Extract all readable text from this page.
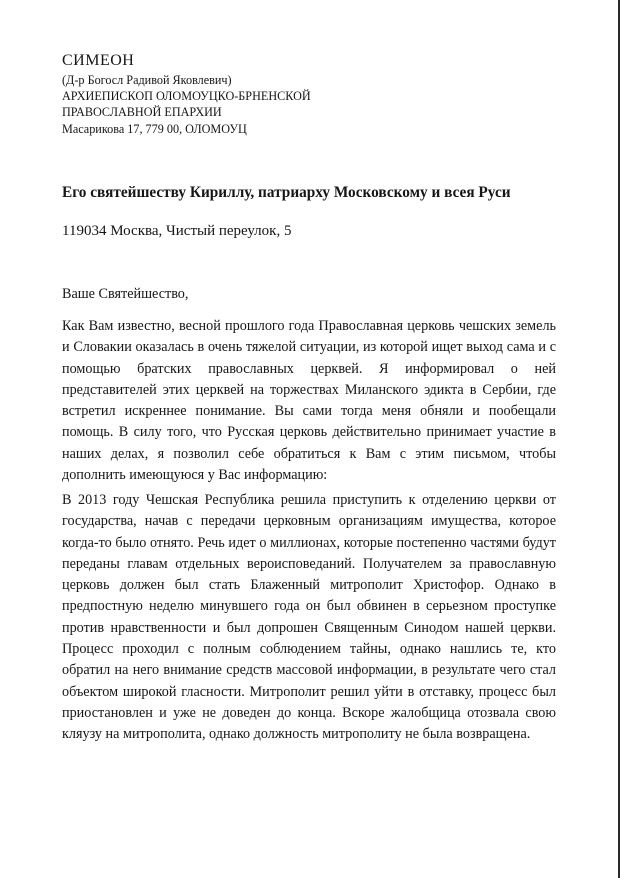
СИМЕОН

(Д-р Богосл Радивой Яковлевич)

АРХИЕПИСКОП ОЛОМОУЦКО-БРНЕНСКОЙ

ПРАВОСЛАВНОЙ ЕПАРХИИ

Масарикова 17, 779 00, ОЛОМОУЦ

Его святейшеству Кириллу, патриарху Московскому и всея Руси

119034 Москва, Чистый переулок, 5

Ваше Святейшество,

Как Вам известно, весной прошлого года Православная церковь чешских земель и Словакии оказалась в очень тяжелой ситуации, из которой ищет выход сама и с помощью братских православных церквей. Я информировал о ней представителей этих церквей на торжествах Миланского эдикта в Сербии, где встретил искреннее понимание. Вы сами тогда меня обняли и пообещали помощь. В силу того, что Русская церковь действительно принимает участие в наших делах, я позволил себе обратиться к Вам с этим письмом, чтобы дополнить имеющуюся у Вас информацию:

В 2013 году Чешская Республика решила приступить к отделению церкви от государства, начав с передачи церковным организациям имущества, которое когда-то было отнято. Речь идет о миллионах, которые постепенно частями будут переданы главам отдельных вероисповеданий. Получателем за православную церковь должен был стать Блаженный митрополит Христофор. Однако в предпостную неделю минувшего года он был обвинен в серьезном проступке против нравственности и был допрошен Священным Синодом нашей церкви. Процесс проходил с полным соблюдением тайны, однако нашлись те, кто обратил на него внимание средств массовой информации, в результате чего стал объектом широкой гласности. Митрополит решил уйти в отставку, процесс был приостановлен и уже не доведен до конца. Вскоре жалобщица отозвала свою кляузу на митрополита, однако должность митрополиту не была возвращена.
